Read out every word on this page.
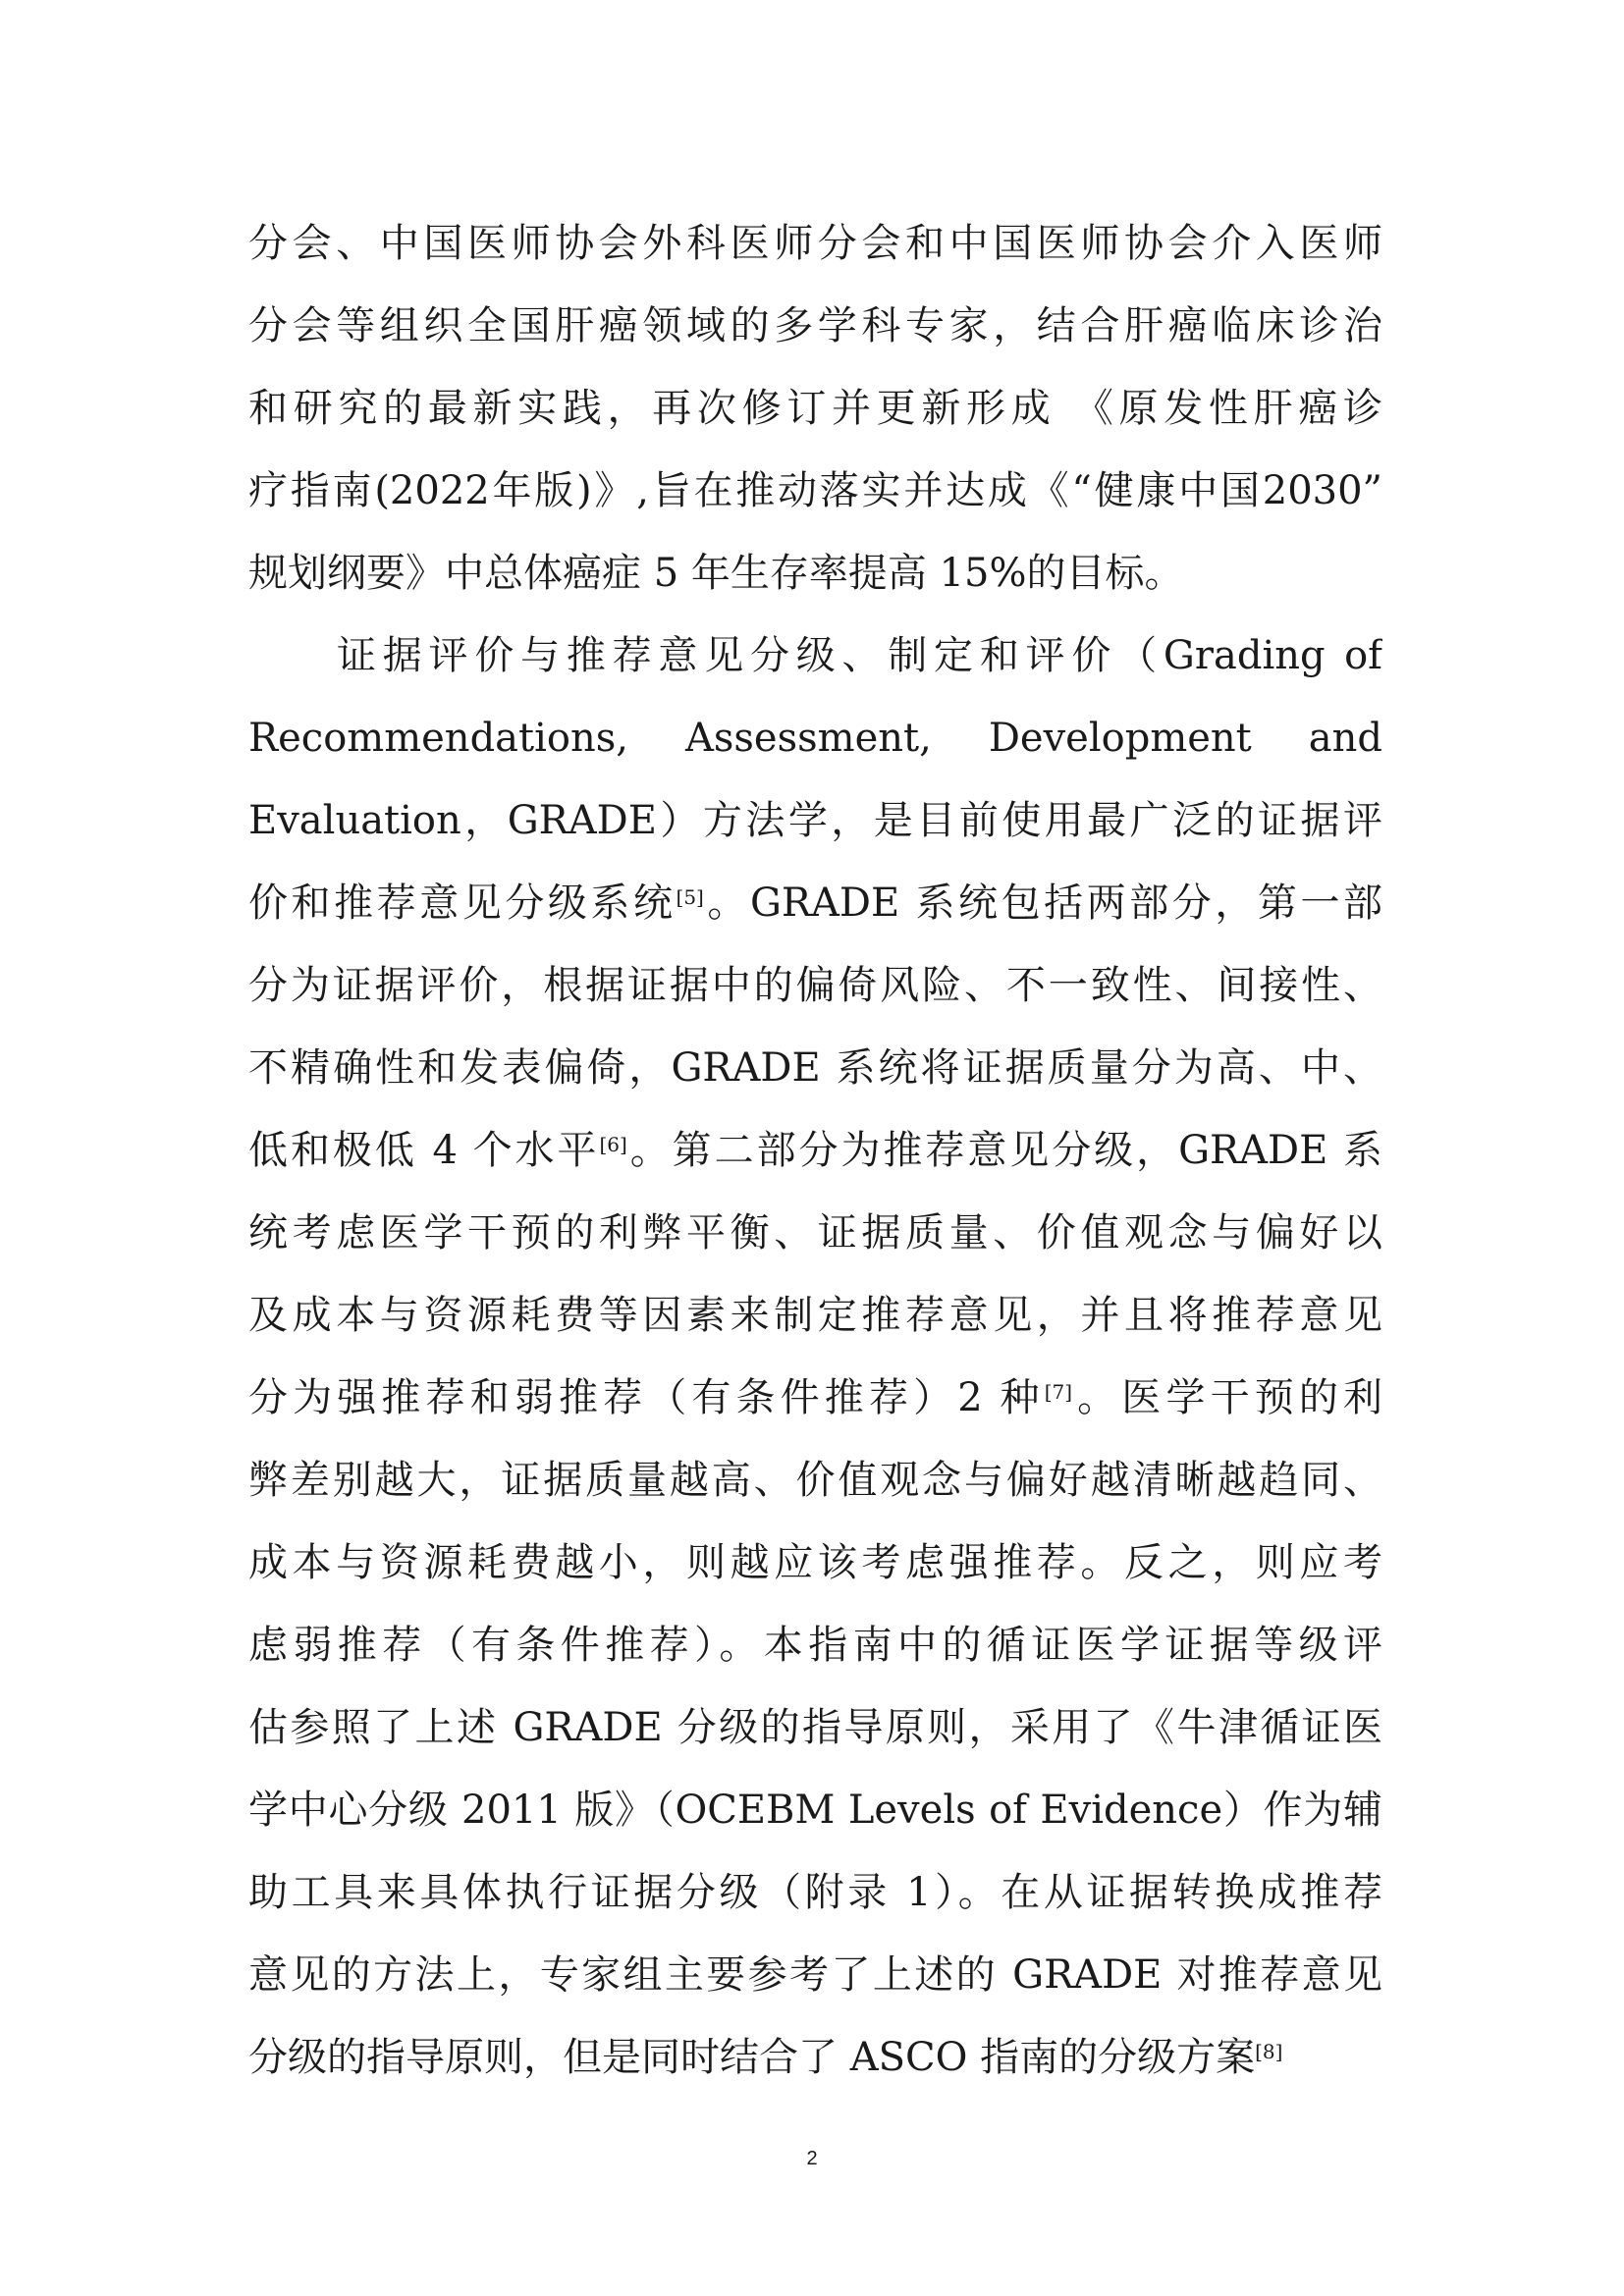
分会、中国医师协会外科医师分会和中国医师协会介入医师
分会等组织全国肝癌领域的多学科专家，结合肝癌临床诊治
和研究的最新实践，再次修订并更新形成 《原发性肝癌诊
疗指南(2022年版)》,旨在推动落实并达成《“健康中国2030”
规划纲要》中总体癌症 5 年生存率提高 15%的目标。
证据评价与推荐意见分级、制定和评价（Grading of
Recommendations, Assessment, Development and
Evaluation，GRADE）方法学，是目前使用最广泛的证据评
价和推荐意见分级系统[5]。GRADE 系统包括两部分，第一部
分为证据评价，根据证据中的偏倚风险、不一致性、间接性、
不精确性和发表偏倚，GRADE 系统将证据质量分为高、中、
低和极低 4 个水平[6]。第二部分为推荐意见分级，GRADE 系
统考虑医学干预的利弊平衡、证据质量、价值观念与偏好以
及成本与资源耗费等因素来制定推荐意见，并且将推荐意见
分为强推荐和弱推荐（有条件推荐）2 种[7]。医学干预的利
弊差别越大，证据质量越高、价值观念与偏好越清晰越趋同、
成本与资源耗费越小，则越应该考虑强推荐。反之，则应考
虑弱推荐（有条件推荐）。本指南中的循证医学证据等级评
估参照了上述 GRADE 分级的指导原则，采用了《牛津循证医
学中心分级 2011 版》（OCEBM Levels of Evidence）作为辅
助工具来具体执行证据分级（附录 1）。在从证据转换成推荐
意见的方法上，专家组主要参考了上述的 GRADE 对推荐意见
分级的指导原则，但是同时结合了 ASCO 指南的分级方案[8]
2
